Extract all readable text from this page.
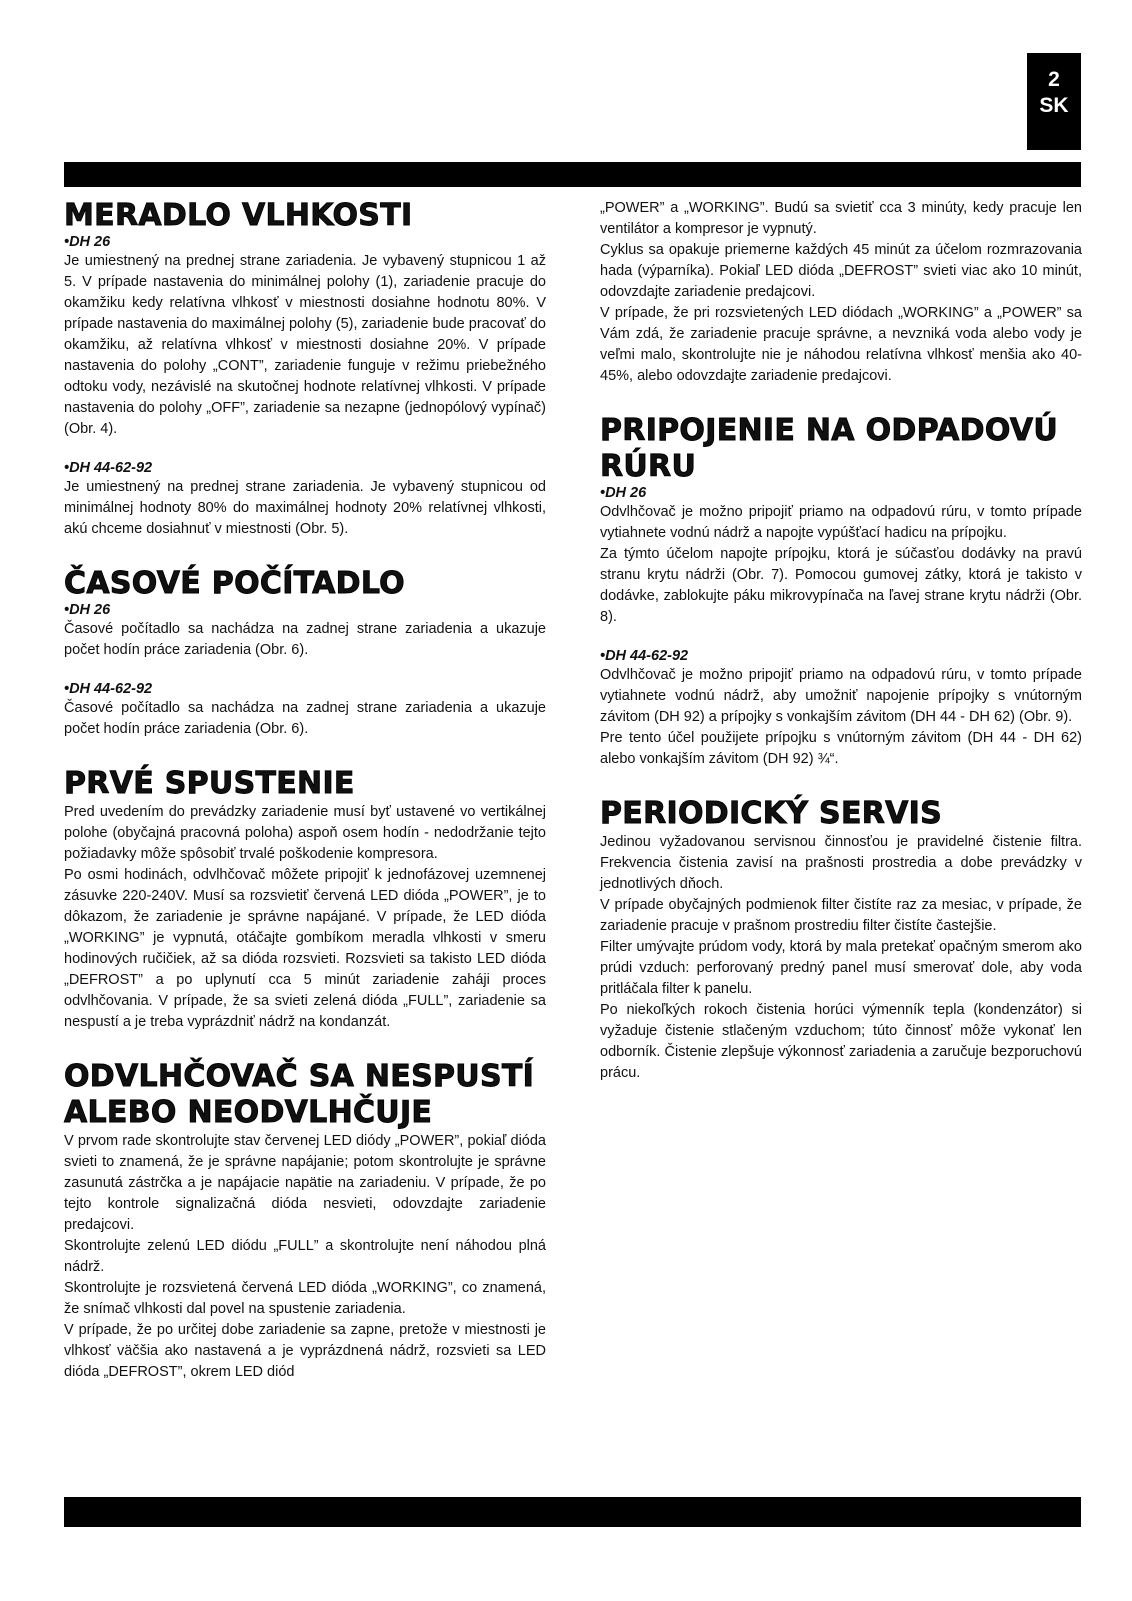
2
SK
MERADLO VLHKOSTI
•DH 26

Je umiestnený na prednej strane zariadenia. Je vybavený stupnicou 1 až 5. V prípade nastavenia do minimálnej polohy (1), zariadenie pracuje do okamžiku kedy relatívna vlhkosť v miestnosti dosiahne hodnotu 80%. V prípade nastavenia do maximálnej polohy (5), zariadenie bude pracovať do okamžiku, až relatívna vlhkosť v miestnosti dosiahne 20%. V prípade nastavenia do polohy „CONT”, zariadenie funguje v režimu priebežného odtoku vody, nezávislé na skutočnej hodnote relatívnej vlhkosti. V prípade nastavenia do polohy „OFF”, zariadenie sa nezapne (jednopólový vypínač) (Obr. 4).

•DH 44-62-92

Je umiestnený na prednej strane zariadenia. Je vybavený stupnicou od minimálnej hodnoty 80% do maximálnej hodnoty 20% relatívnej vlhkosti, akú chceme dosiahnuť v miestnosti (Obr. 5).

ČASOVÉ POČÍTADLO
•DH 26

Časové počítadlo sa nachádza na zadnej strane zariadenia a ukazuje počet hodín práce zariadenia (Obr. 6).

•DH 44-62-92

Časové počítadlo sa nachádza na zadnej strane zariadenia a ukazuje počet hodín práce zariadenia (Obr. 6).

PRVÉ SPUSTENIE

Pred uvedením do prevádzky zariadenie musí byť ustavené vo vertikálnej polohe (obyčajná pracovná poloha) aspoň osem hodín - nedodržanie tejto požiadavky môže spôsobiť trvalé poškodenie kompresora.

Po osmi hodinách, odvlhčovač môžete pripojiť k jednofázovej uzemnenej zásuvke 220-240V. Musí sa rozsvietiť červená LED dióda „POWER”, je to dôkazom, že zariadenie je správne napájané. V prípade, že LED dióda „WORKING” je vypnutá, otáčajte gombíkom meradla vlhkosti v smeru hodinových ručičiek, až sa dióda rozsvieti. Rozsvieti sa takisto LED dióda „DEFROST” a po uplynutí cca 5 minút zariadenie zaháji proces odvlhčovania. V prípade, že sa svieti zelená dióda „FULL”, zariadenie sa nespustí a je treba vyprázdniť nádrž na kondanzát.

ODVLHČOVAČ SA NESPUSTÍ ALEBO NEODVLHČUJE

V prvom rade skontrolujte stav červenej LED diódy „POWER”, pokiaľ dióda svieti to znamená, že je správne napájanie; potom skontrolujte je správne zasunutá zástrčka a je napájacie napätie na zariadeniu. V prípade, že po tejto kontrole signalizačná dióda nesvieti, odovzdajte zariadenie predajcovi.

Skontrolujte zelenú LED diódu „FULL” a skontrolujte není náhodou plná nádrž.

Skontrolujte je rozsvietená červená LED dióda „WORKING”, co znamená, že snímač vlhkosti dal povel na spustenie zariadenia.

V prípade, že po určitej dobe zariadenie sa zapne, pretože v miestnosti je vlhkosť väčšia ako nastavená a je vyprázdnená nádrž, rozsvieti sa LED dióda „DEFROST”, okrem LED diód

„POWER” a „WORKING”. Budú sa svietiť cca 3 minúty, kedy pracuje len ventilátor a kompresor je vypnutý.

Cyklus sa opakuje priemerne každých 45 minút za účelom rozmrazovania hada (výparníka). Pokiaľ LED dióda „DEFROST” svieti viac ako 10 minút, odovzdajte zariadenie predajcovi.

V prípade, že pri rozsvietených LED diódach „WORKING” a „POWER” sa Vám zdá, že zariadenie pracuje správne, a nevzniká voda alebo vody je veľmi malo, skontrolujte nie je náhodou relatívna vlhkosť menšia ako 40-45%, alebo odovzdajte zariadenie predajcovi.

PRIPOJENIE NA ODPADOVÚ RÚRU
•DH 26

Odvlhčovač je možno pripojiť priamo na odpadovú rúru, v tomto prípade vytiahnete vodnú nádrž a napojte vypúšťací hadicu na prípojku.

Za týmto účelom napojte prípojku, ktorá je súčasťou dodávky na pravú stranu krytu nádrži (Obr. 7). Pomocou gumovej zátky, ktorá je takisto v dodávke, zablokujte páku mikrovypínača na ľavej strane krytu nádrži (Obr. 8).

•DH 44-62-92

Odvlhčovač je možno pripojiť priamo na odpadovú rúru, v tomto prípade vytiahnete vodnú nádrž, aby umožniť napojenie prípojky s vnútorným závitom (DH 92) a prípojky s vonkajším závitom (DH 44 - DH 62) (Obr. 9).

Pre tento účel použijete prípojku s vnútorným závitom (DH 44 - DH 62) alebo vonkajším závitom (DH 92) ¾“.

PERIODICKÝ SERVIS

Jedinou vyžadovanou servisnou činnosťou je pravidelné čistenie filtra. Frekvencia čistenia zavisí na prašnosti prostredia a dobe prevádzky v jednotlivých dňoch.

V prípade obyčajných podmienok filter čistíte raz za mesiac, v prípade, že zariadenie pracuje v prašnom prostrediu filter čistíte častejšie.

Filter umývajte prúdom vody, ktorá by mala pretekať opačným smerom ako prúdi vzduch: perforovaný predný panel musí smerovať dole, aby voda pritláčala filter k panelu.

Po niekoľkých rokoch čistenia horúci výmenník tepla (kondenzátor) si vyžaduje čistenie stlačeným vzduchom; túto činnosť môže vykonať len odborník. Čistenie zlepšuje výkonnosť zariadenia a zaručuje bezporuchovú prácu.
